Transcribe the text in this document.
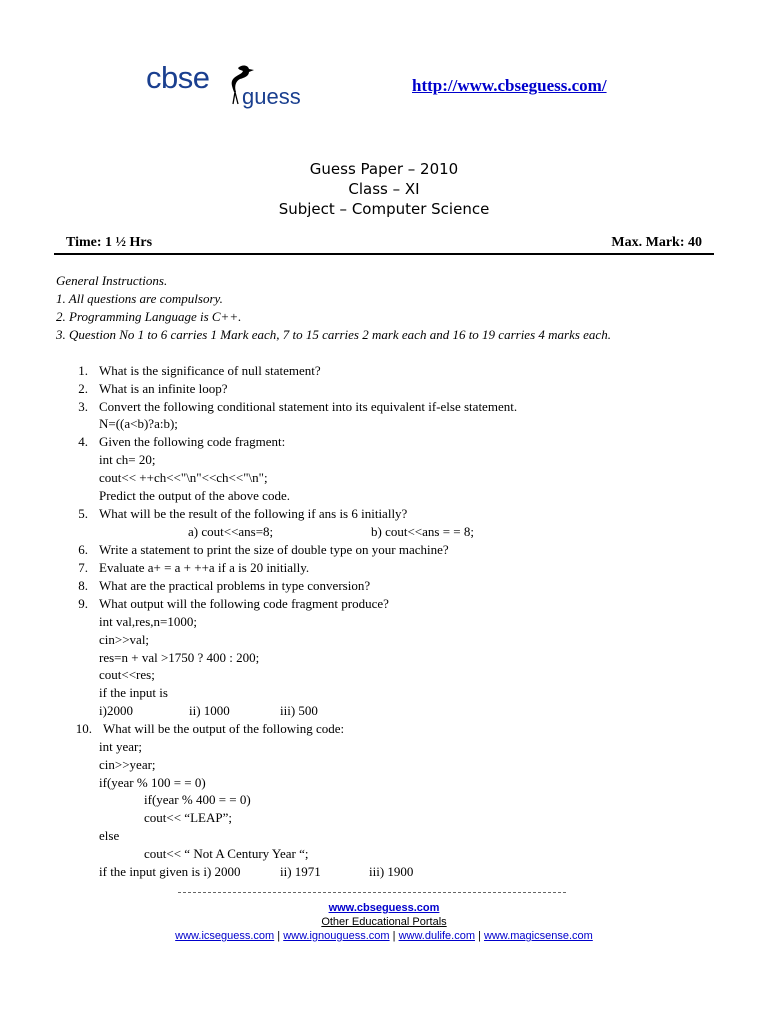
cbse
guess	http://www.cbseguess.com/
Guess Paper – 2010
Class – XI
Subject – Computer Science
Time: 1 ½ Hrs	Max. Mark: 40
General Instructions.
1. All questions are compulsory.
2. Programming Language is C++.
3. Question No 1 to 6 carries 1 Mark each, 7 to 15 carries 2 mark each and 16 to 19 carries 4 marks each.
1. What is the significance of null statement?
2. What is an infinite loop?
3. Convert the following conditional statement into its equivalent if-else statement.
N=((a<b)?a:b);
4. Given the following code fragment:
int ch= 20;
cout<< ++ch<<"\n"<<ch<<"\n";
Predict the output of the above code.
5. What will be the result of the following if ans is 6 initially?
a) cout<<ans=8;	b) cout<<ans = = 8;
6. Write a statement to print the size of double type on your machine?
7. Evaluate a+ = a + ++a if a is 20 initially.
8. What are the practical problems in type conversion?
9. What output will the following code fragment produce?
int val,res,n=1000;
cin>>val;
res=n + val >1750 ? 400 : 200;
cout<<res;
if the input is
i)2000	ii) 1000	iii) 500
10. What will be the output of the following code:
int year;
cin>>year;
if(year % 100 = = 0)
if(year % 400 = = 0)
cout<< “LEAP”;
else
cout<< “ Not A Century Year “;
if the input given is i) 2000	ii) 1971	iii) 1900
www.cbseguess.com
Other Educational Portals
www.icseguess.com | www.ignouguess.com | www.dulife.com | www.magicsense.com
